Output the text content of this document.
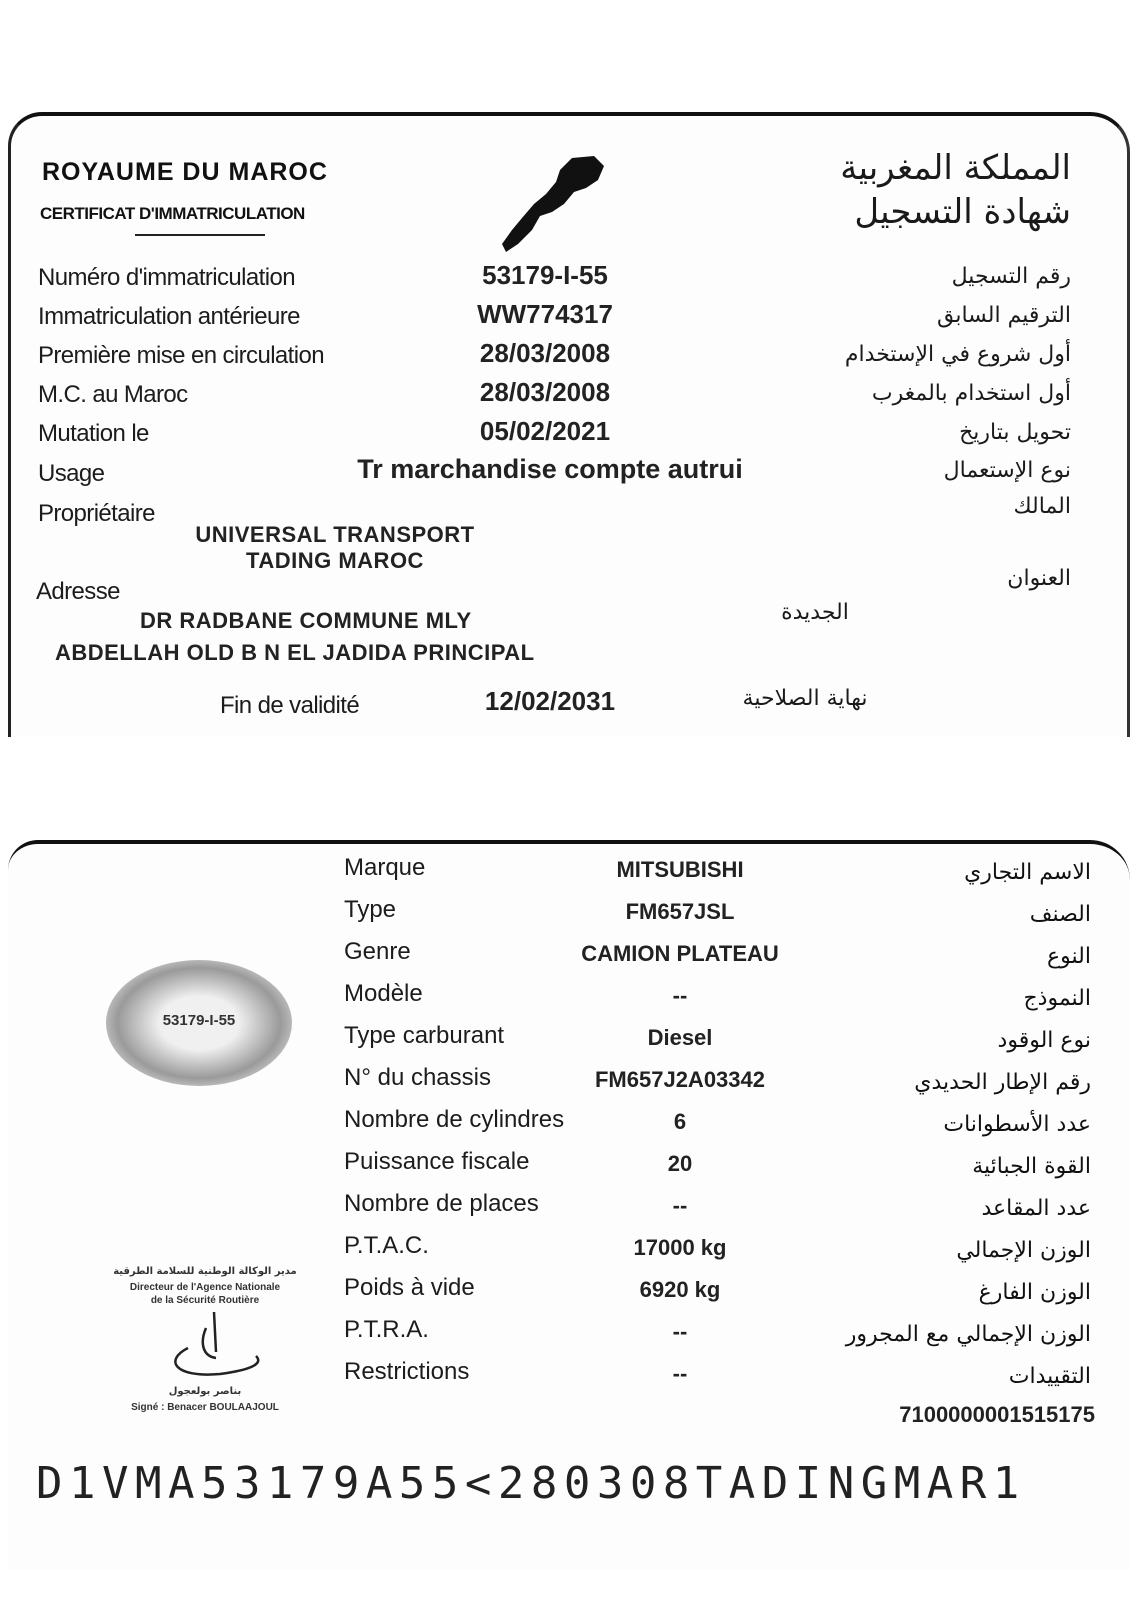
ROYAUME DU MAROC
CERTIFICAT D'IMMATRICULATION
المملكة المغربية
شهادة التسجيل
Numéro d'immatriculation	53179-I-55	رقم التسجيل
Immatriculation antérieure	WW774317	الترقيم السابق
Première mise en circulation	28/03/2008	أول شروع في الإستخدام
M.C. au Maroc	28/03/2008	أول استخدام بالمغرب
Mutation le	05/02/2021	تحويل بتاريخ
Usage	Tr marchandise compte autrui	نوع الإستعمال
Propriétaire	المالك
UNIVERSAL TRANSPORT
TADING MAROC
Adresse	العنوان
الجديدة
DR RADBANE COMMUNE MLY
ABDELLAH OLD B N EL JADIDA PRINCIPAL
Fin de validité	12/02/2031	نهاية الصلاحية
53179-I-55
Marque	MITSUBISHI	الاسم التجاري
Type	FM657JSL	الصنف
Genre	CAMION PLATEAU	النوع
Modèle	--	النموذج
Type carburant	Diesel	نوع الوقود
N° du chassis	FM657J2A03342	رقم الإطار الحديدي
Nombre de cylindres	6	عدد الأسطوانات
Puissance fiscale	20	القوة الجبائية
Nombre de places	--	عدد المقاعد
P.T.A.C.	17000 kg	الوزن الإجمالي
Poids à vide	6920 kg	الوزن الفارغ
P.T.R.A.	--	الوزن الإجمالي مع المجرور
Restrictions	--	التقييدات
مدير الوكالة الوطنية للسلامة الطرقية
Directeur de l'Agence Nationale
de la Sécurité Routière
بناصر بولعجول
Signé : Benacer BOULAAJOUL	7100000001515175
D1VMA53179A55<280308TADINGMAR1
